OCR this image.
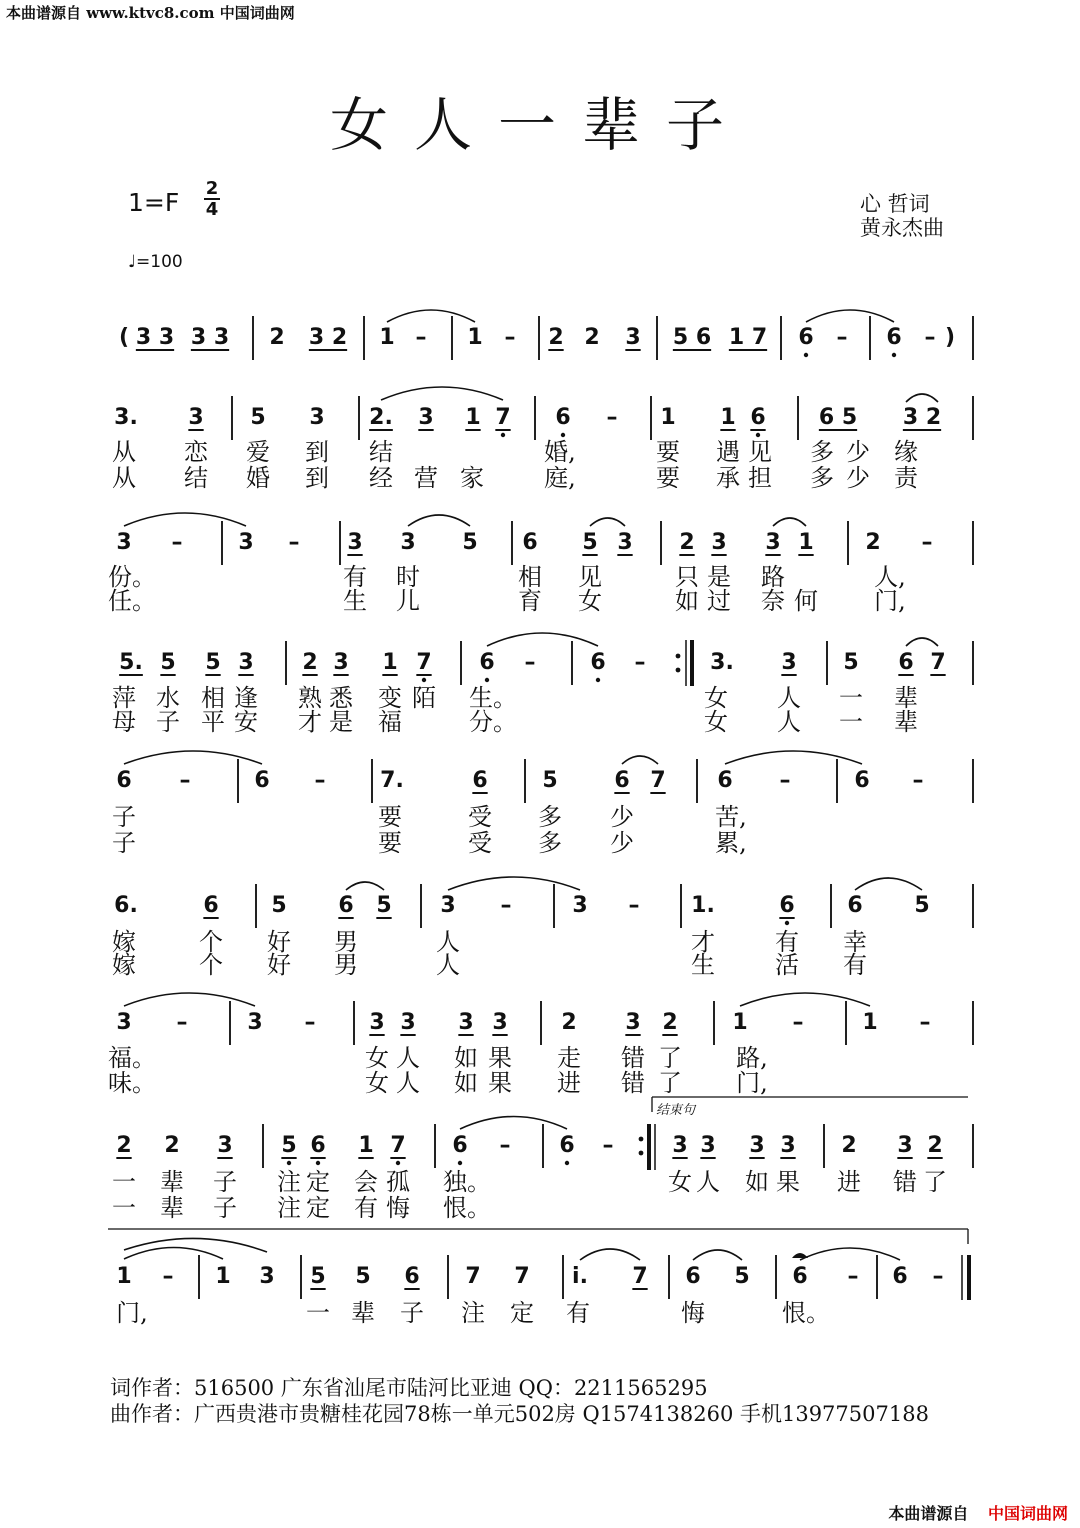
本曲谱源自 www.ktvc8.com 中国词曲网
女人一辈子
1=F 2
4	心 哲词
黄永杰曲
♩=100
( 3 3 3 3 2 3 2 1 – 1 – 2 2 3 5 6 1 7 6 – 6 – )
3. 3 5 3 2. 3 1 7 6 – 1 1 6 6 5 3 2
从 恋 爱 到 结	婚,	要 遇 见 多 少 缘
从 结 婚 到 经 营 家	庭,	要 承 担 多 少 责
3 –	3 – 3 3 5 6 5 3 2 3 3 1 2 –
份。	有 时	相 见	只 是 路	人,
任。	生 儿	育 女	如 过 奈 何 门,
5. 5 5 3 2 3 1 7 6 – 6 –	3. 3 5 6 7
萍 水 相 逢 熟 悉 变 陌 生。	女 人 一 辈
母 子 平 安 才 是 福	分。	女 人 一 辈
6 –	6 – 7.	6 5	6 7 6 –	6 –
子	要	受 多 少	苦,
子	要	受 多 少	累,
6.	6 5 6 5 3 –	3 – 1.	6 6 5
嫁	个 好 男	人	才	有 幸
嫁	个 好 男	人	生	活 有
3 –	3 – 3 3 3 3 2 3 2 1 –	1 –
福。	女 人 如 果 走 错 了 路,
味。	女 人 如 果 进 错 了 门,
2 2 3 5 6 1 7 6 – 6 –	3 3 3 3 2 3 2
一 辈 子 注 定 会 孤 独。	女 人 如 果 进 错 了
一 辈 子 注 定 有 悔 恨。
1 – 1 3 5 5 6 7 7 i. 7 6 5 6 – 6 –
门,	一 辈 子 注 定 有	悔	恨。
结束句
词作者：516500 广东省汕尾市陆河比亚迪 QQ：2211565295
曲作者：广西贵港市贵糖桂花园78栋一单元502房 Q1574138260 手机13977507188
本曲谱源自 中国词曲网
